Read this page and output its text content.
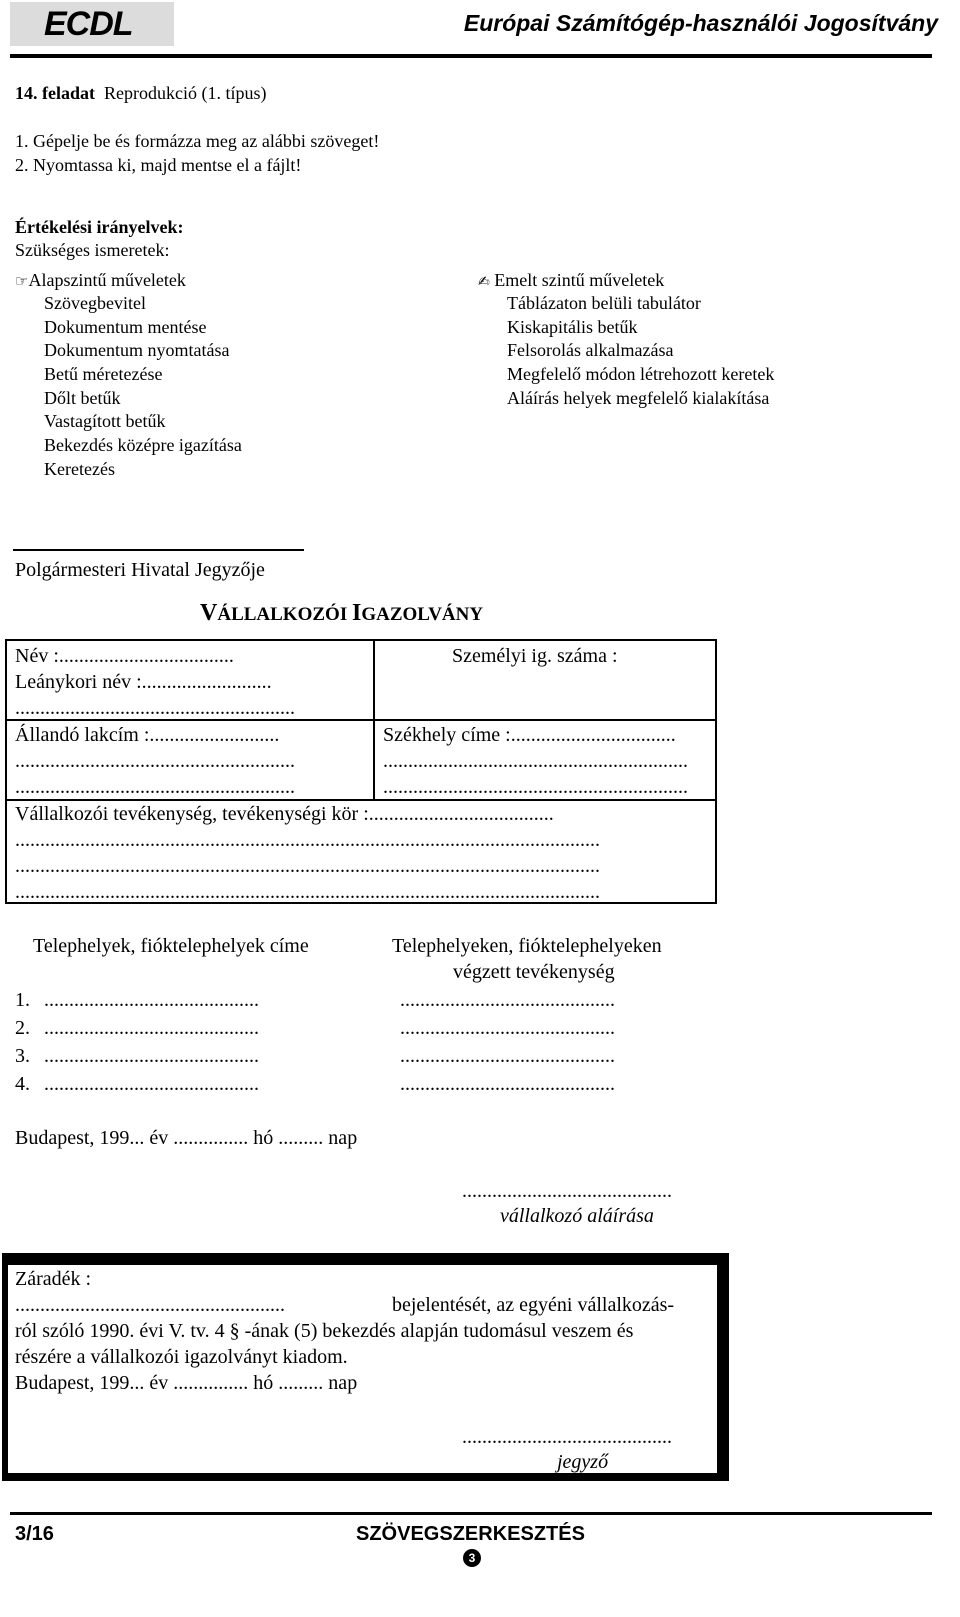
ECDL	Európai Számítógép-használói Jogosítvány
14. feladat Reprodukció (1. típus)
1. Gépelje be és formázza meg az alábbi szöveget!
2. Nyomtassa ki, majd mentse el a fájlt!
Értékelési irányelvek:
Szükséges ismeretek:
☞Alapszintű műveletek
Szövegbevitel
Dokumentum mentése
Dokumentum nyomtatása
Betű méretezése
Dőlt betűk
Vastagított betűk
Bekezdés középre igazítása
Keretezés
✍ Emelt szintű műveletek
Táblázaton belüli tabulátor
Kiskapitális betűk
Felsorolás alkalmazása
Megfelelő módon létrehozott keretek
Aláírás helyek megfelelő kialakítása
Polgármesteri Hivatal Jegyzője
VÁLLALKOZÓI IGAZOLVÁNY
Név :...................................	Személyi ig. száma :
Leánykori név :..........................
........................................................
Állandó lakcím :..........................	Székhely címe :.................................
........................................................	.............................................................
........................................................	.............................................................
Vállalkozói tevékenység, tevékenységi kör :.....................................
.....................................................................................................................
.....................................................................................................................
.....................................................................................................................
Telephelyek, fióktelephelyek címe	Telephelyeken, fióktelephelyeken
végzett tevékenység
1. ...........................................	...........................................
2. ...........................................	...........................................
3. ...........................................	...........................................
4. ...........................................	...........................................
Budapest, 199... év ............... hó ......... nap
..........................................
vállalkozó aláírása
Záradék :
......................................................	bejelentését, az egyéni vállalkozás-
ról szóló 1990. évi V. tv. 4 § -ának (5) bekezdés alapján tudomásul veszem és
részére a vállalkozói igazolványt kiadom.
Budapest, 199... év ............... hó ......... nap
..........................................
jegyző
3/16	SZÖVEGSZERKESZTÉS
3
